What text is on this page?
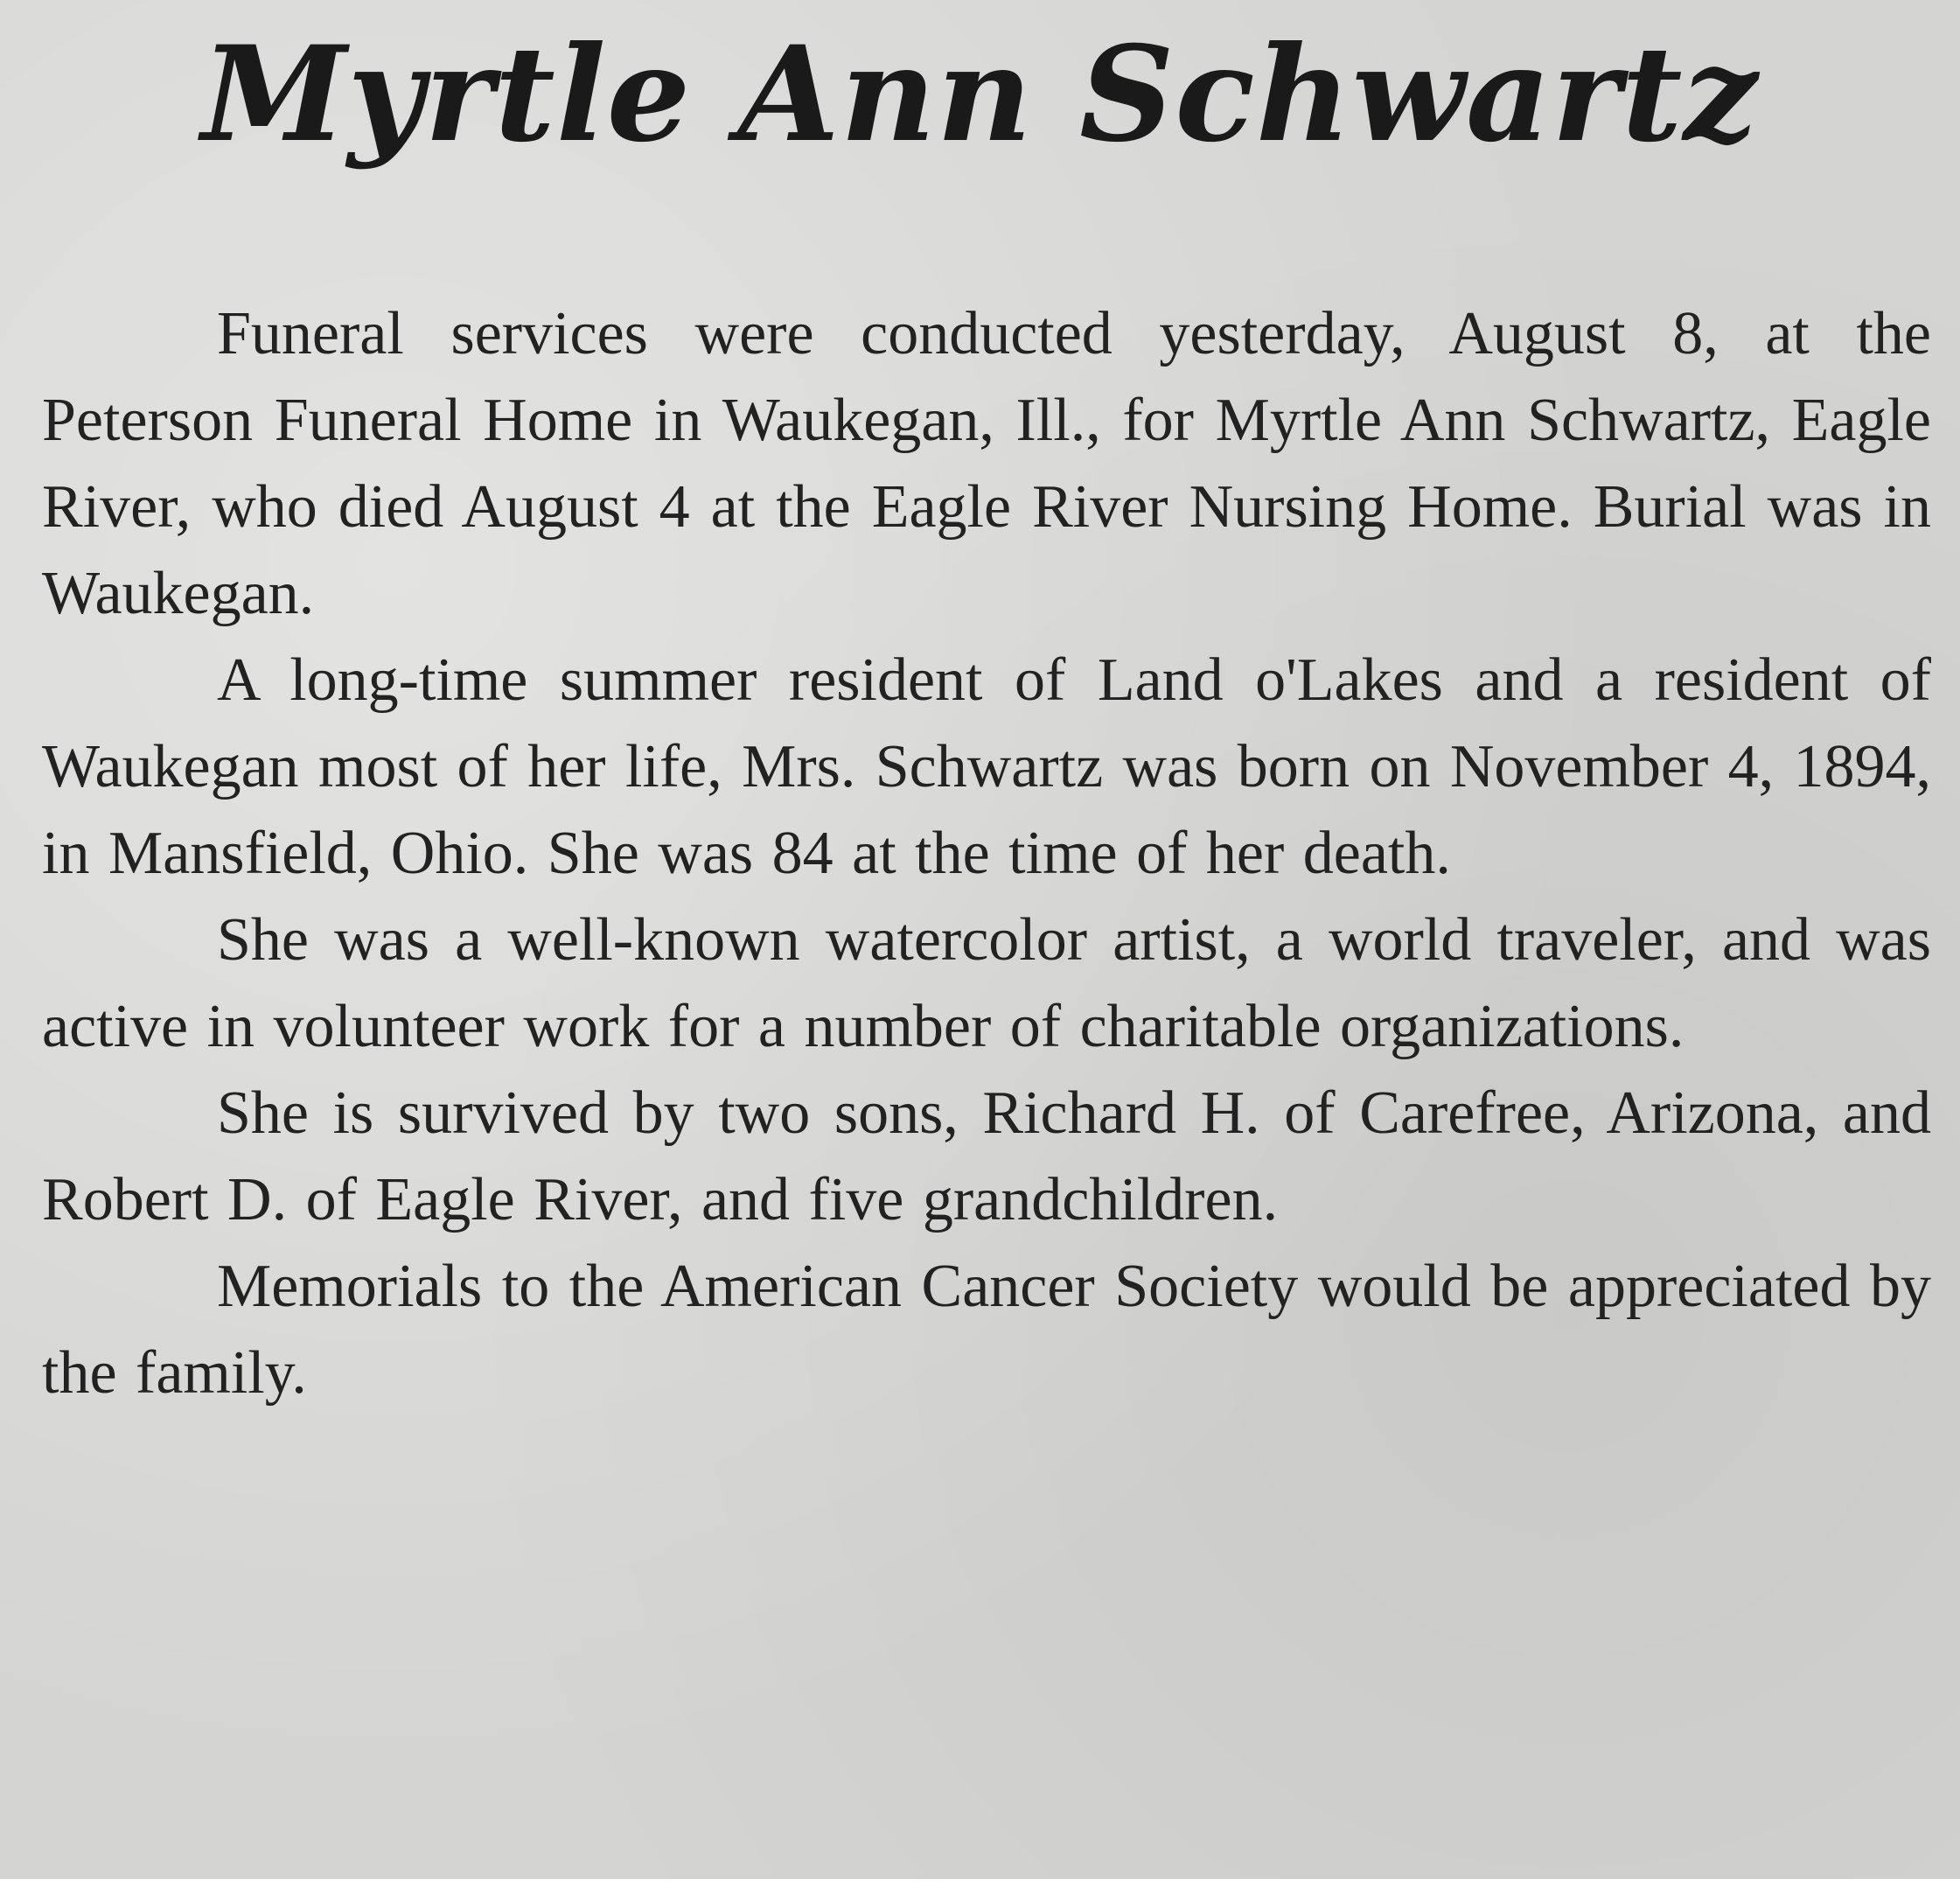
Myrtle Ann Schwartz

Funeral services were conducted yesterday, August 8, at the Peterson Funeral Home in Waukegan, Ill., for Myrtle Ann Schwartz, Eagle River, who died August 4 at the Eagle River Nursing Home. Burial was in Waukegan.

A long-time summer resident of Land o'Lakes and a resident of Waukegan most of her life, Mrs. Schwartz was born on November 4, 1894, in Mansfield, Ohio. She was 84 at the time of her death.

She was a well-known watercolor artist, a world traveler, and was active in volunteer work for a number of charitable organizations.

She is survived by two sons, Richard H. of Carefree, Arizona, and Robert D. of Eagle River, and five grandchildren.

Memorials to the American Cancer Society would be appreciated by the family.
